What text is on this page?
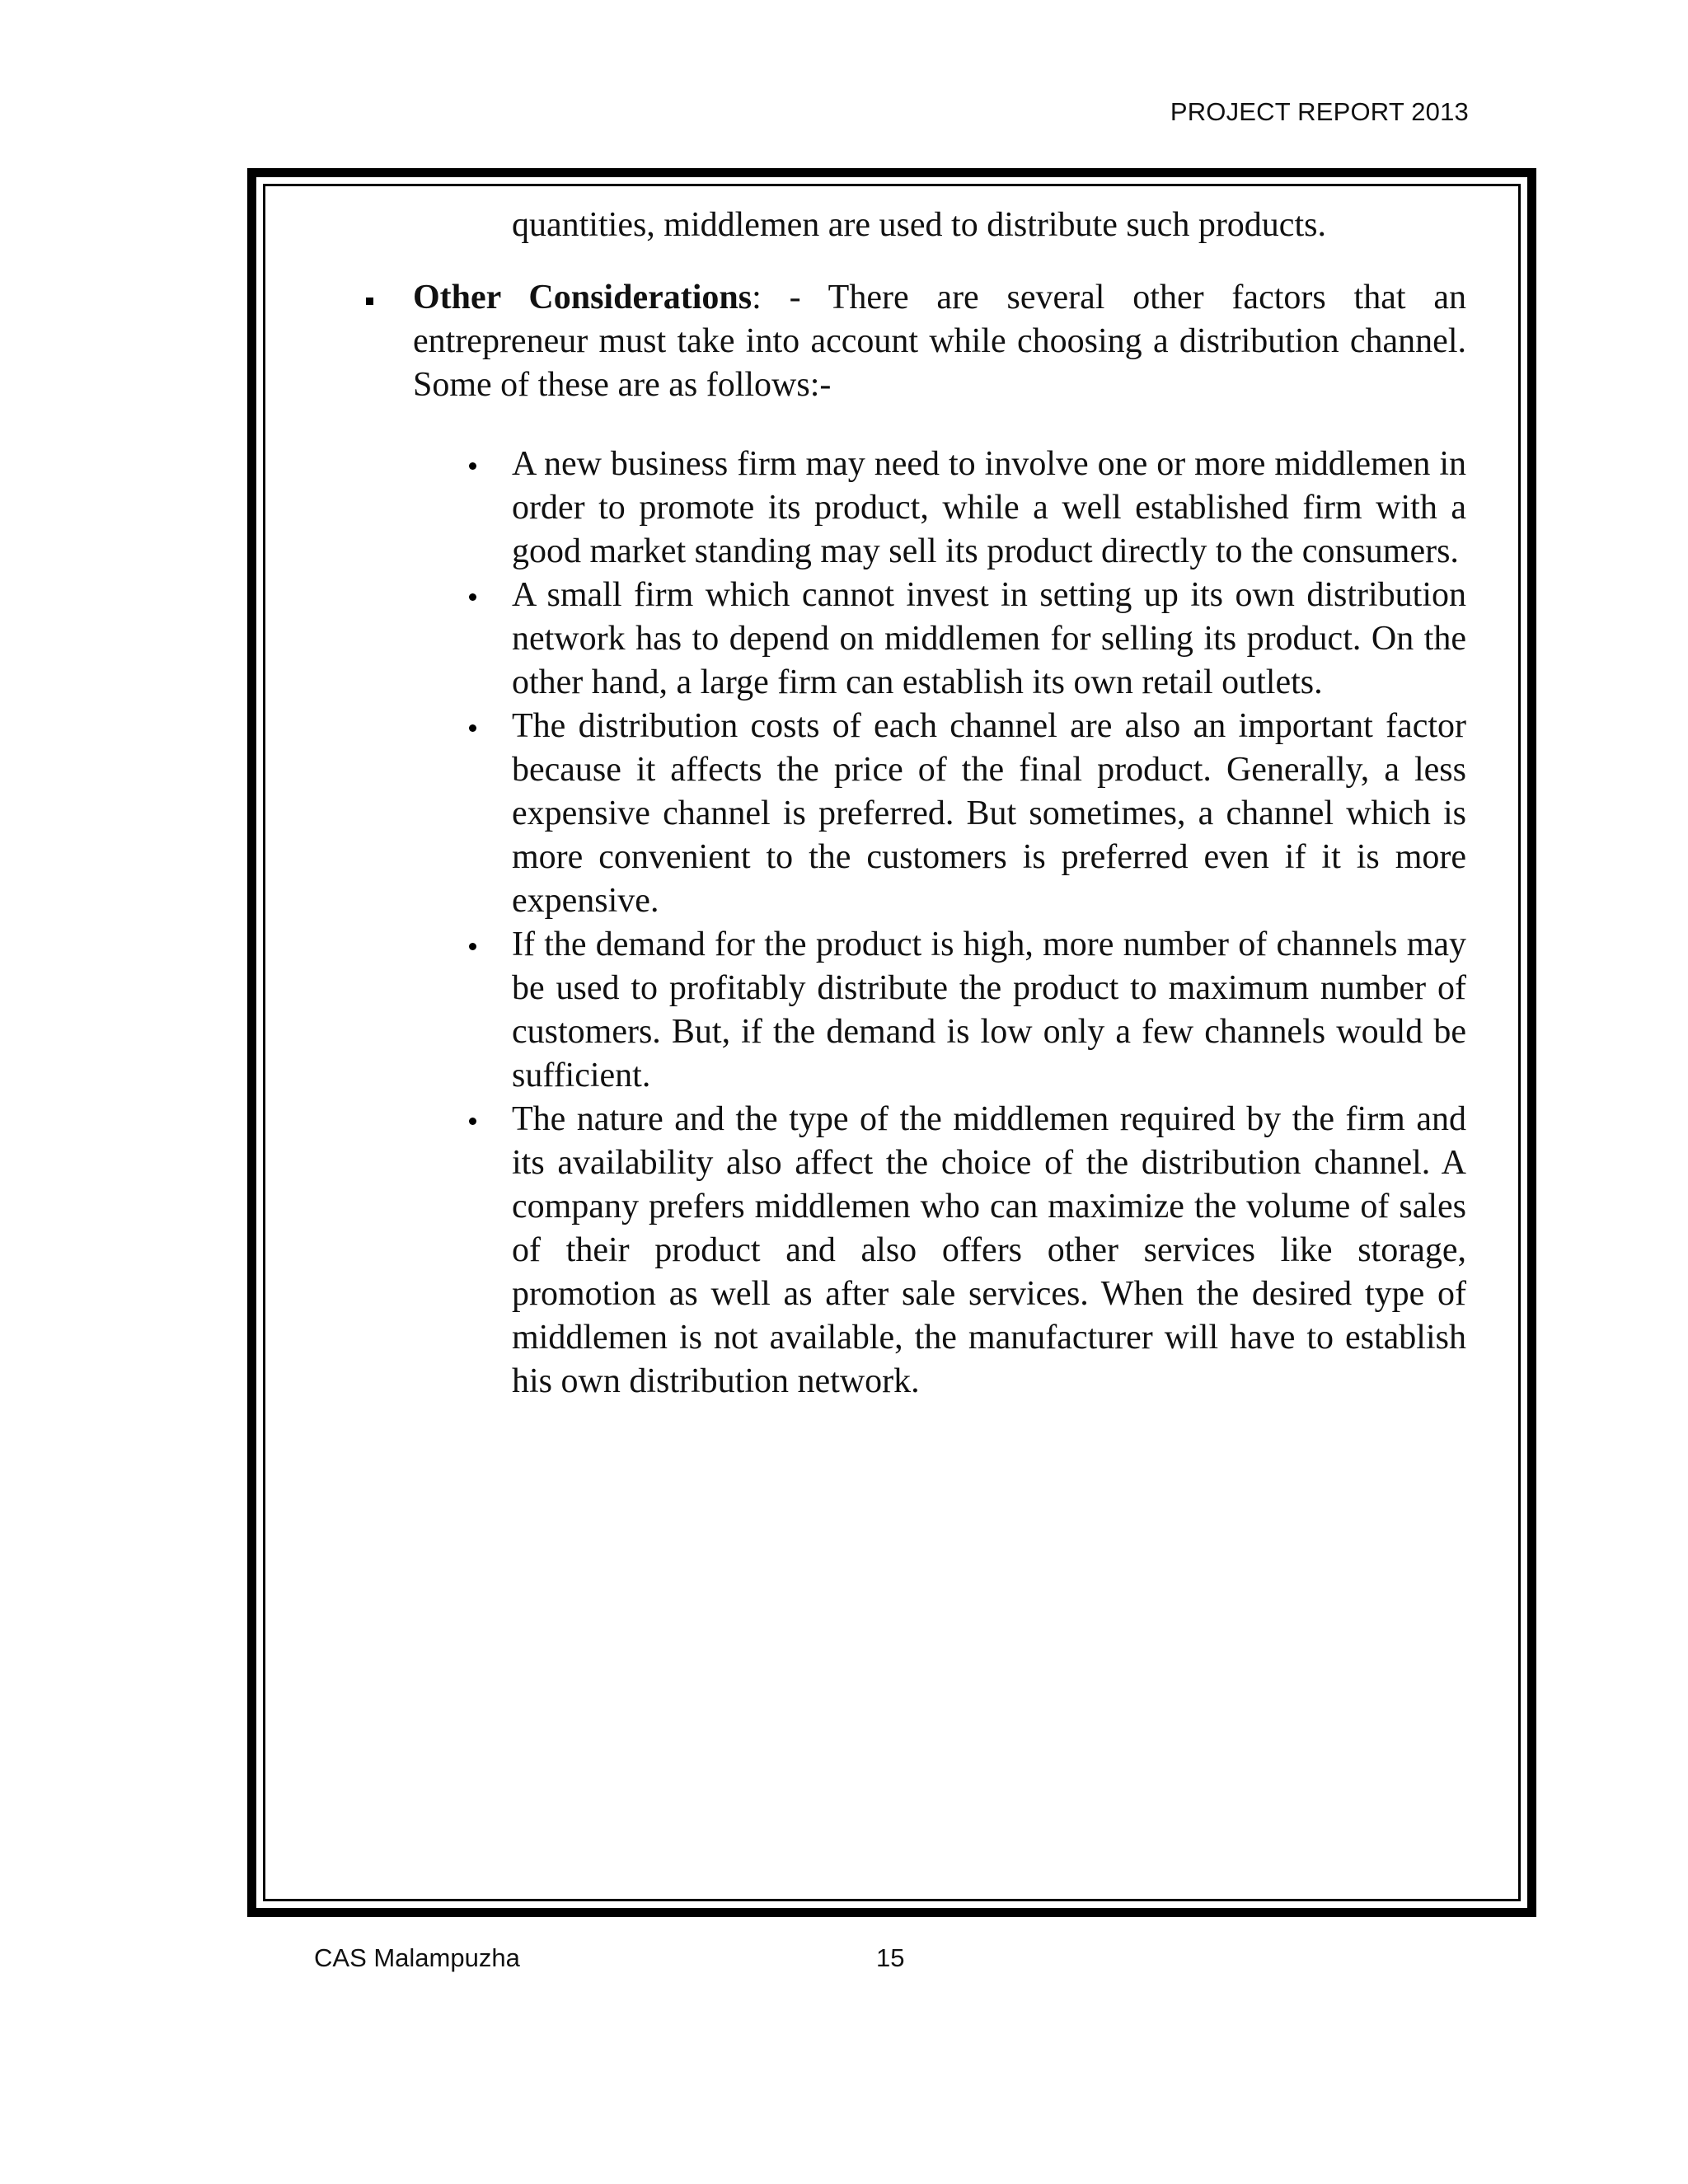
PROJECT REPORT 2013

quantities, middlemen are used to distribute such products.

Other Considerations: - There are several other factors that an entrepreneur must take into account while choosing a distribution channel. Some of these are as follows:-

A new business firm may need to involve one or more middlemen in order to promote its product, while a well established firm with a good market standing may sell its product directly to the consumers.
A small firm which cannot invest in setting up its own distribution network has to depend on middlemen for selling its product. On the other hand, a large firm can establish its own retail outlets.
The distribution costs of each channel are also an important factor because it affects the price of the final product. Generally, a less expensive channel is preferred. But sometimes, a channel which is more convenient to the customers is preferred even if it is more expensive.
If the demand for the product is high, more number of channels may be used to profitably distribute the product to maximum number of customers. But, if the demand is low only a few channels would be sufficient.
The nature and the type of the middlemen required by the firm and its availability also affect the choice of the distribution channel. A company prefers middlemen who can maximize the volume of sales of their product and also offers other services like storage, promotion as well as after sale services. When the desired type of middlemen is not available, the manufacturer will have to establish his own distribution network.
CAS Malampuzha	15
